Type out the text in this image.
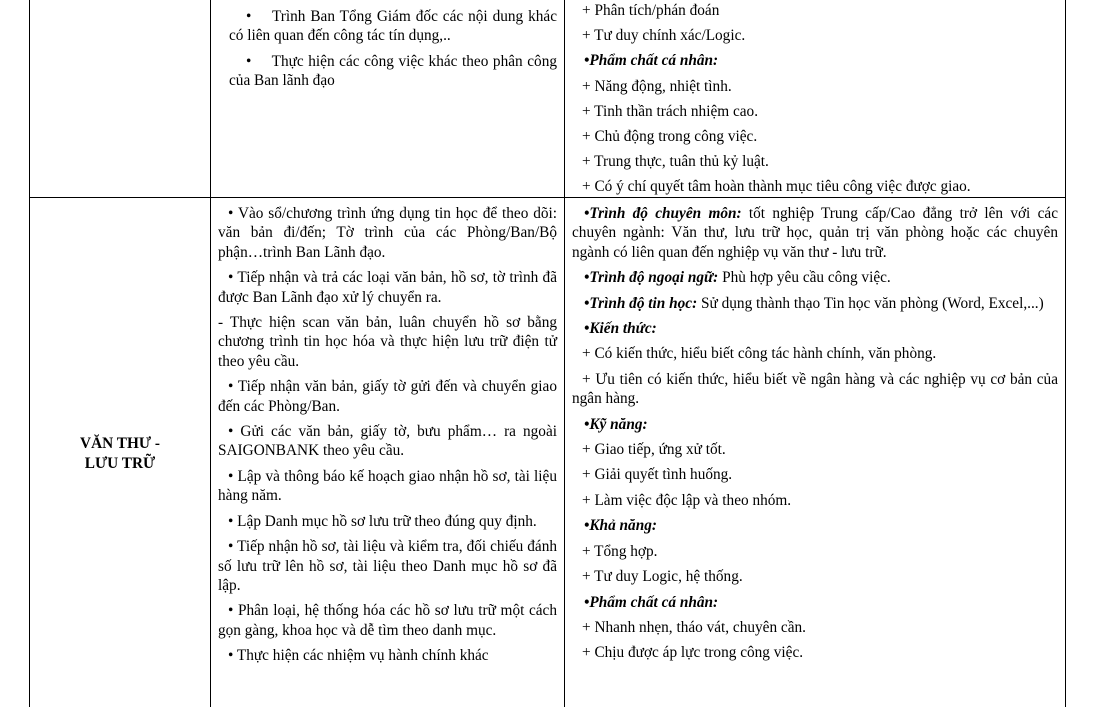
• Trình Ban Tổng Giám đốc các nội dung khác có liên quan đến công tác tín dụng,..

• Thực hiện các công việc khác theo phân công của Ban lãnh đạo

+ Phân tích/phán đoán

+ Tư duy chính xác/Logic.

•Phẩm chất cá nhân:

+ Năng động, nhiệt tình.

+ Tinh thần trách nhiệm cao.

+ Chủ động trong công việc.

+ Trung thực, tuân thủ kỷ luật.

+ Có ý chí quyết tâm hoàn thành mục tiêu công việc được giao.

VĂN THƯ -
LƯU TRỮ

• Vào sổ/chương trình ứng dụng tin học để theo dõi: văn bản đi/đến; Tờ trình của các Phòng/Ban/Bộ phận…trình Ban Lãnh đạo.

• Tiếp nhận và trả các loại văn bản, hồ sơ, tờ trình đã được Ban Lãnh đạo xử lý chuyển ra.

- Thực hiện scan văn bản, luân chuyển hồ sơ bằng chương trình tin học hóa và thực hiện lưu trữ điện tử theo yêu cầu.

• Tiếp nhận văn bản, giấy tờ gửi đến và chuyển giao đến các Phòng/Ban.

• Gửi các văn bản, giấy tờ, bưu phẩm… ra ngoài SAIGONBANK theo yêu cầu.

• Lập và thông báo kế hoạch giao nhận hồ sơ, tài liệu hàng năm.

• Lập Danh mục hồ sơ lưu trữ theo đúng quy định.

• Tiếp nhận hồ sơ, tài liệu và kiểm tra, đối chiếu đánh số lưu trữ lên hồ sơ, tài liệu theo Danh mục hồ sơ đã lập.

• Phân loại, hệ thống hóa các hồ sơ lưu trữ một cách gọn gàng, khoa học và dễ tìm theo danh mục.

• Thực hiện các nhiệm vụ hành chính khác

•Trình độ chuyên môn: tốt nghiệp Trung cấp/Cao đẳng trở lên với các chuyên ngành: Văn thư, lưu trữ học, quản trị văn phòng hoặc các chuyên ngành có liên quan đến nghiệp vụ văn thư - lưu trữ.

•Trình độ ngoại ngữ: Phù hợp yêu cầu công việc.

•Trình độ tin học: Sử dụng thành thạo Tin học văn phòng (Word, Excel,...)

•Kiến thức:

+ Có kiến thức, hiểu biết công tác hành chính, văn phòng.

+ Ưu tiên có kiến thức, hiểu biết về ngân hàng và các nghiệp vụ cơ bản của ngân hàng.

•Kỹ năng:

+ Giao tiếp, ứng xử tốt.

+ Giải quyết tình huống.

+ Làm việc độc lập và theo nhóm.

•Khả năng:

+ Tổng hợp.

+ Tư duy Logic, hệ thống.

•Phẩm chất cá nhân:

+ Nhanh nhẹn, tháo vát, chuyên cần.

+ Chịu được áp lực trong công việc.
